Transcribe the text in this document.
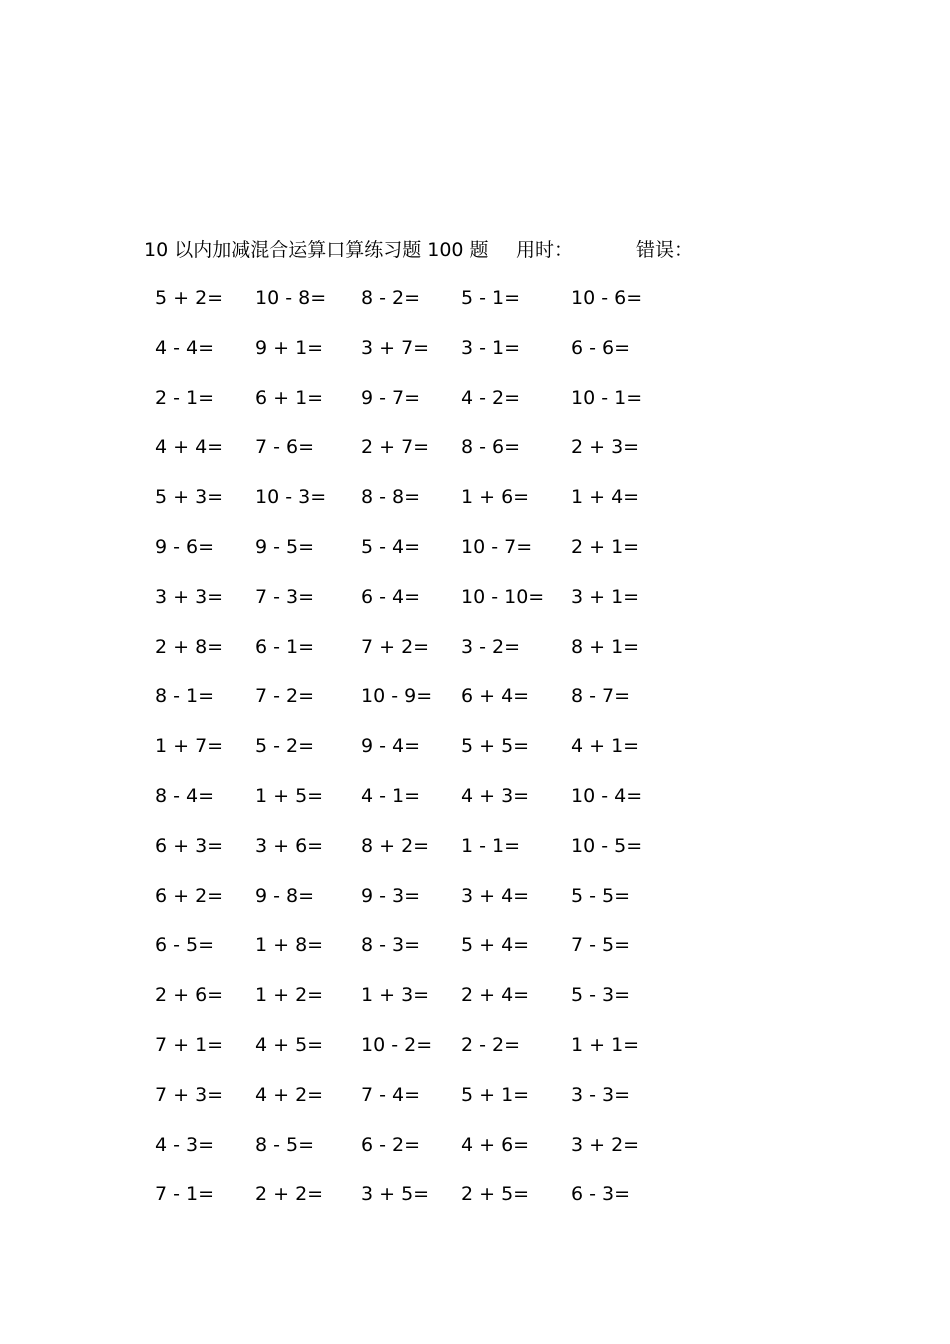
10 以内加减混合运算口算练习题 100 题 用时：	错误：
5 + 2= 10 - 8= 8 - 2= 5 - 1=	10 - 6=
4 - 4= 9 + 1= 3 + 7= 3 - 1=	6 - 6=
2 - 1= 6 + 1= 9 - 7= 4 - 2=	10 - 1=
4 + 4= 7 - 6= 2 + 7= 8 - 6=	2 + 3=
5 + 3= 10 - 3= 8 - 8= 1 + 6= 1 + 4=
9 - 6= 9 - 5= 5 - 4= 10 - 7= 2 + 1=
3 + 3= 7 - 3= 6 - 4= 10 - 10= 3 + 1=
2 + 8= 6 - 1= 7 + 2= 3 - 2=	8 + 1=
8 - 1= 7 - 2= 10 - 9= 6 + 4= 8 - 7=
1 + 7= 5 - 2= 9 - 4= 5 + 5= 4 + 1=
8 - 4= 1 + 5= 4 - 1= 4 + 3= 10 - 4=
6 + 3= 3 + 6= 8 + 2= 1 - 1=	10 - 5=
6 + 2= 9 - 8= 9 - 3= 3 + 4= 5 - 5=
6 - 5= 1 + 8= 8 - 3= 5 + 4= 7 - 5=
2 + 6= 1 + 2= 1 + 3= 2 + 4= 5 - 3=
7 + 1= 4 + 5= 10 - 2= 2 - 2=	1 + 1=
7 + 3= 4 + 2= 7 - 4= 5 + 1= 3 - 3=
4 - 3= 8 - 5= 6 - 2= 4 + 6= 3 + 2=
7 - 1= 2 + 2= 3 + 5= 2 + 5= 6 - 3=
